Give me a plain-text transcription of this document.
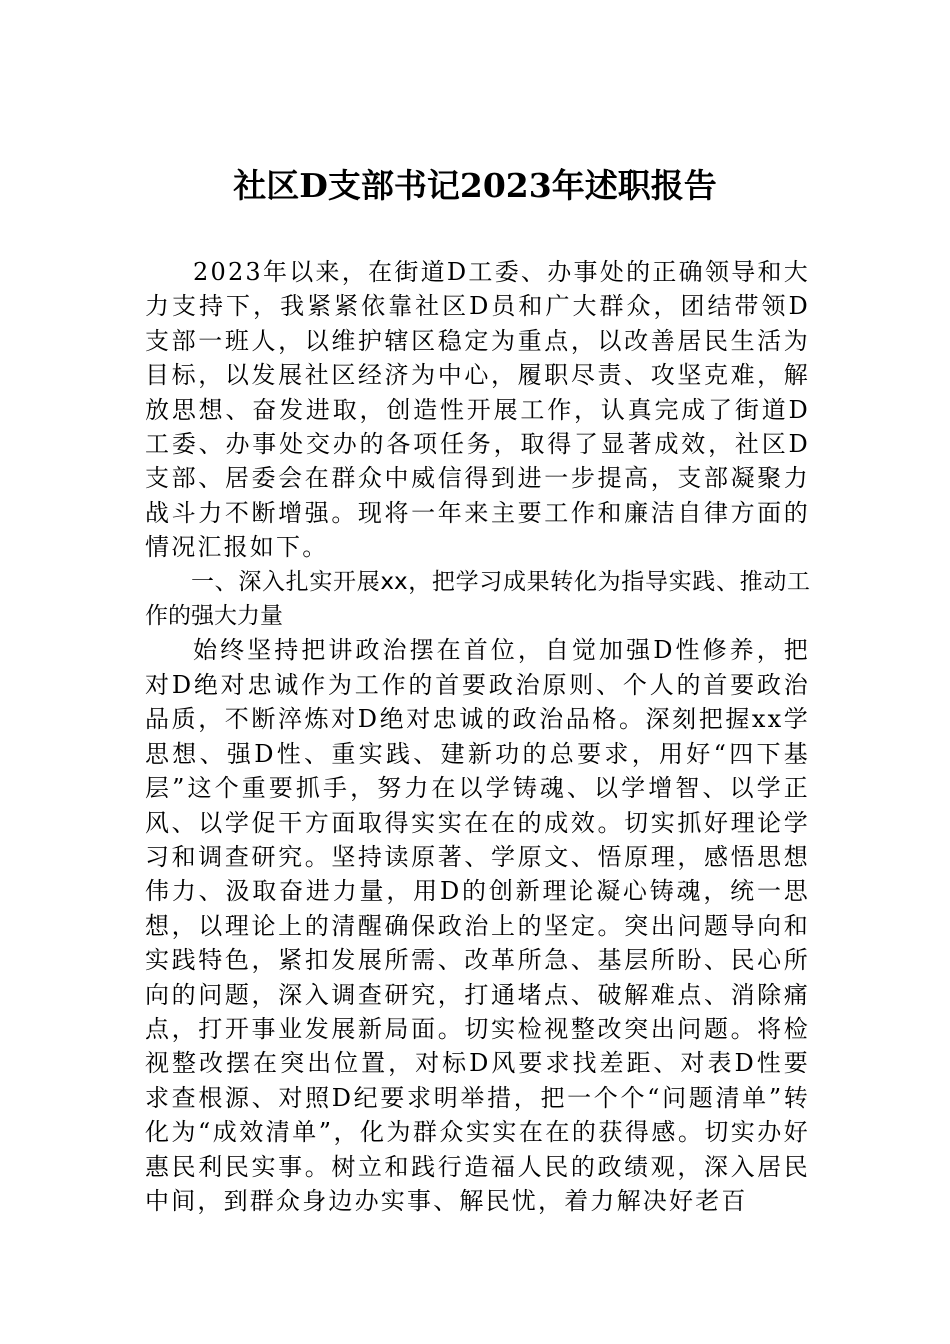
社区D支部书记2023年述职报告

2023年以来，在街道D工委、办事处的正确领导和大力支持下，我紧紧依靠社区D员和广大群众，团结带领D支部一班人，以维护辖区稳定为重点，以改善居民生活为目标，以发展社区经济为中心，履职尽责、攻坚克难，解放思想、奋发进取，创造性开展工作，认真完成了街道D工委、办事处交办的各项任务，取得了显著成效，社区D支部、居委会在群众中威信得到进一步提高，支部凝聚力战斗力不断增强。现将一年来主要工作和廉洁自律方面的情况汇报如下。

一、深入扎实开展xx，把学习成果转化为指导实践、推动工作的强大力量

始终坚持把讲政治摆在首位，自觉加强D性修养，把对D绝对忠诚作为工作的首要政治原则、个人的首要政治品质，不断淬炼对D绝对忠诚的政治品格。深刻把握xx学思想、强D性、重实践、建新功的总要求，用好“四下基层”这个重要抓手，努力在以学铸魂、以学增智、以学正风、以学促干方面取得实实在在的成效。切实抓好理论学习和调查研究。坚持读原著、学原文、悟原理，感悟思想伟力、汲取奋进力量，用D的创新理论凝心铸魂，统一思想，以理论上的清醒确保政治上的坚定。突出问题导向和实践特色，紧扣发展所需、改革所急、基层所盼、民心所向的问题，深入调查研究，打通堵点、破解难点、消除痛点，打开事业发展新局面。切实检视整改突出问题。将检视整改摆在突出位置，对标D风要求找差距、对表D性要求查根源、对照D纪要求明举措，把一个个“问题清单”转化为“成效清单”，化为群众实实在在的获得感。切实办好惠民利民实事。树立和践行造福人民的政绩观，深入居民中间，到群众身边办实事、解民忧，着力解决好老百
